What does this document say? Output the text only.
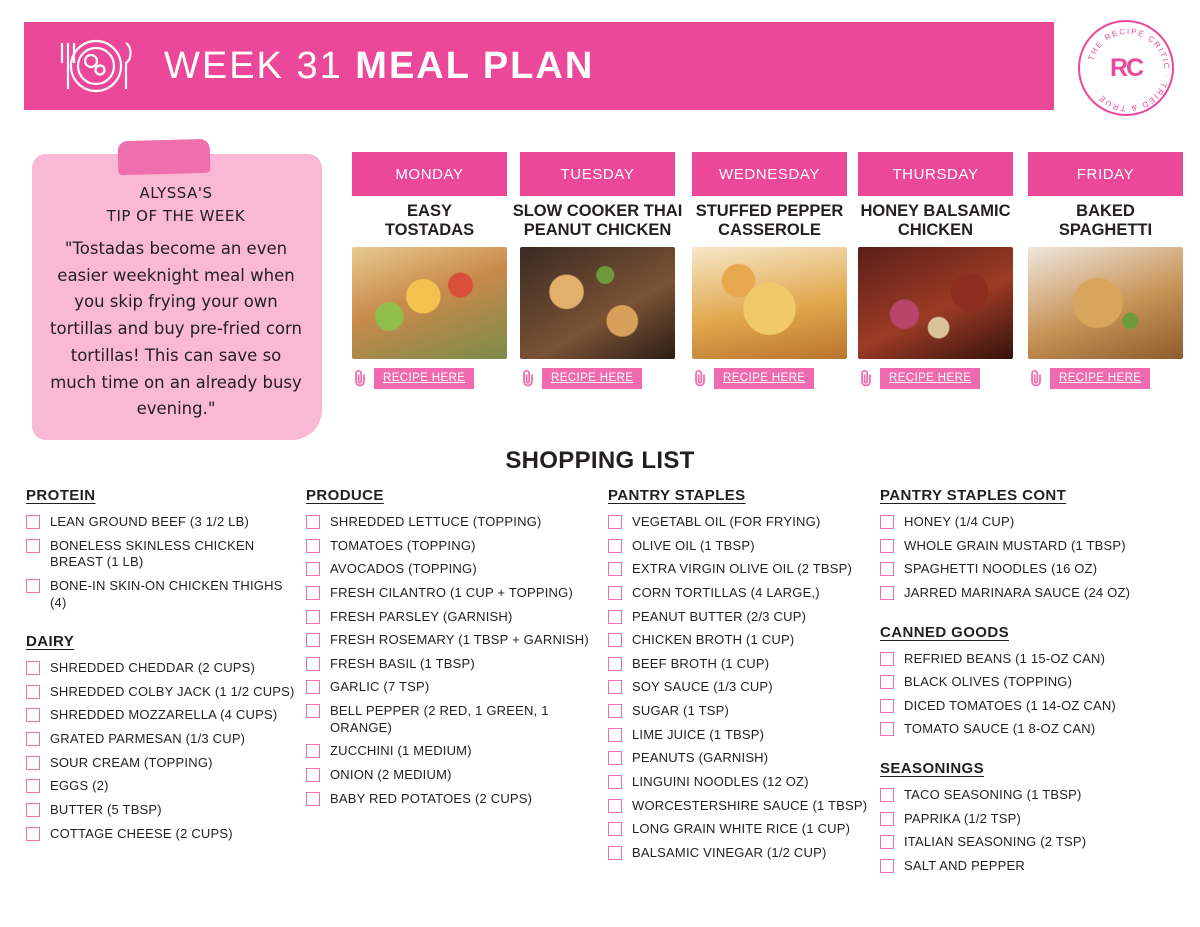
WEEK 31 MEAL PLAN	THE RECIPE CRITIC · TRIED & TRUE ·
RC
ALYSSA'S
TIP OF THE WEEK
"Tostadas become an even easier weeknight meal when you skip frying your own tortillas and buy pre-fried corn tortillas! This can save so much time on an already busy evening."
MONDAY
EASY
TOSTADAS
RECIPE HERE
TUESDAY
SLOW COOKER THAI
PEANUT CHICKEN
RECIPE HERE
WEDNESDAY
STUFFED PEPPER
CASSEROLE
RECIPE HERE
THURSDAY
HONEY BALSAMIC
CHICKEN
RECIPE HERE
FRIDAY
BAKED
SPAGHETTI
RECIPE HERE
SHOPPING LIST
PROTEIN
LEAN GROUND BEEF (3 1/2 LB)
BONELESS SKINLESS CHICKEN BREAST (1 LB)
BONE-IN SKIN-ON CHICKEN THIGHS (4)
DAIRY
SHREDDED CHEDDAR (2 CUPS)
SHREDDED COLBY JACK (1 1/2 CUPS)
SHREDDED MOZZARELLA (4 CUPS)
GRATED PARMESAN (1/3 CUP)
SOUR CREAM (TOPPING)
EGGS (2)
BUTTER (5 TBSP)
COTTAGE CHEESE (2 CUPS)
PRODUCE
SHREDDED LETTUCE (TOPPING)
TOMATOES (TOPPING)
AVOCADOS (TOPPING)
FRESH CILANTRO (1 CUP + TOPPING)
FRESH PARSLEY (GARNISH)
FRESH ROSEMARY (1 TBSP + GARNISH)
FRESH BASIL (1 TBSP)
GARLIC (7 TSP)
BELL PEPPER (2 RED, 1 GREEN, 1 ORANGE)
ZUCCHINI (1 MEDIUM)
ONION (2 MEDIUM)
BABY RED POTATOES (2 CUPS)
PANTRY STAPLES
VEGETABL OIL (FOR FRYING)
OLIVE OIL (1 TBSP)
EXTRA VIRGIN OLIVE OIL (2 TBSP)
CORN TORTILLAS (4 LARGE,)
PEANUT BUTTER (2/3 CUP)
CHICKEN BROTH (1 CUP)
BEEF BROTH (1 CUP)
SOY SAUCE (1/3 CUP)
SUGAR (1 TSP)
LIME JUICE (1 TBSP)
PEANUTS (GARNISH)
LINGUINI NOODLES (12 OZ)
WORCESTERSHIRE SAUCE (1 TBSP)
LONG GRAIN WHITE RICE (1 CUP)
BALSAMIC VINEGAR (1/2 CUP)
PANTRY STAPLES CONT
HONEY (1/4 CUP)
WHOLE GRAIN MUSTARD (1 TBSP)
SPAGHETTI NOODLES (16 OZ)
JARRED MARINARA SAUCE (24 OZ)
CANNED GOODS
REFRIED BEANS (1 15-OZ CAN)
BLACK OLIVES (TOPPING)
DICED TOMATOES (1 14-OZ CAN)
TOMATO SAUCE (1 8-OZ CAN)
SEASONINGS
TACO SEASONING (1 TBSP)
PAPRIKA (1/2 TSP)
ITALIAN SEASONING (2 TSP)
SALT AND PEPPER
